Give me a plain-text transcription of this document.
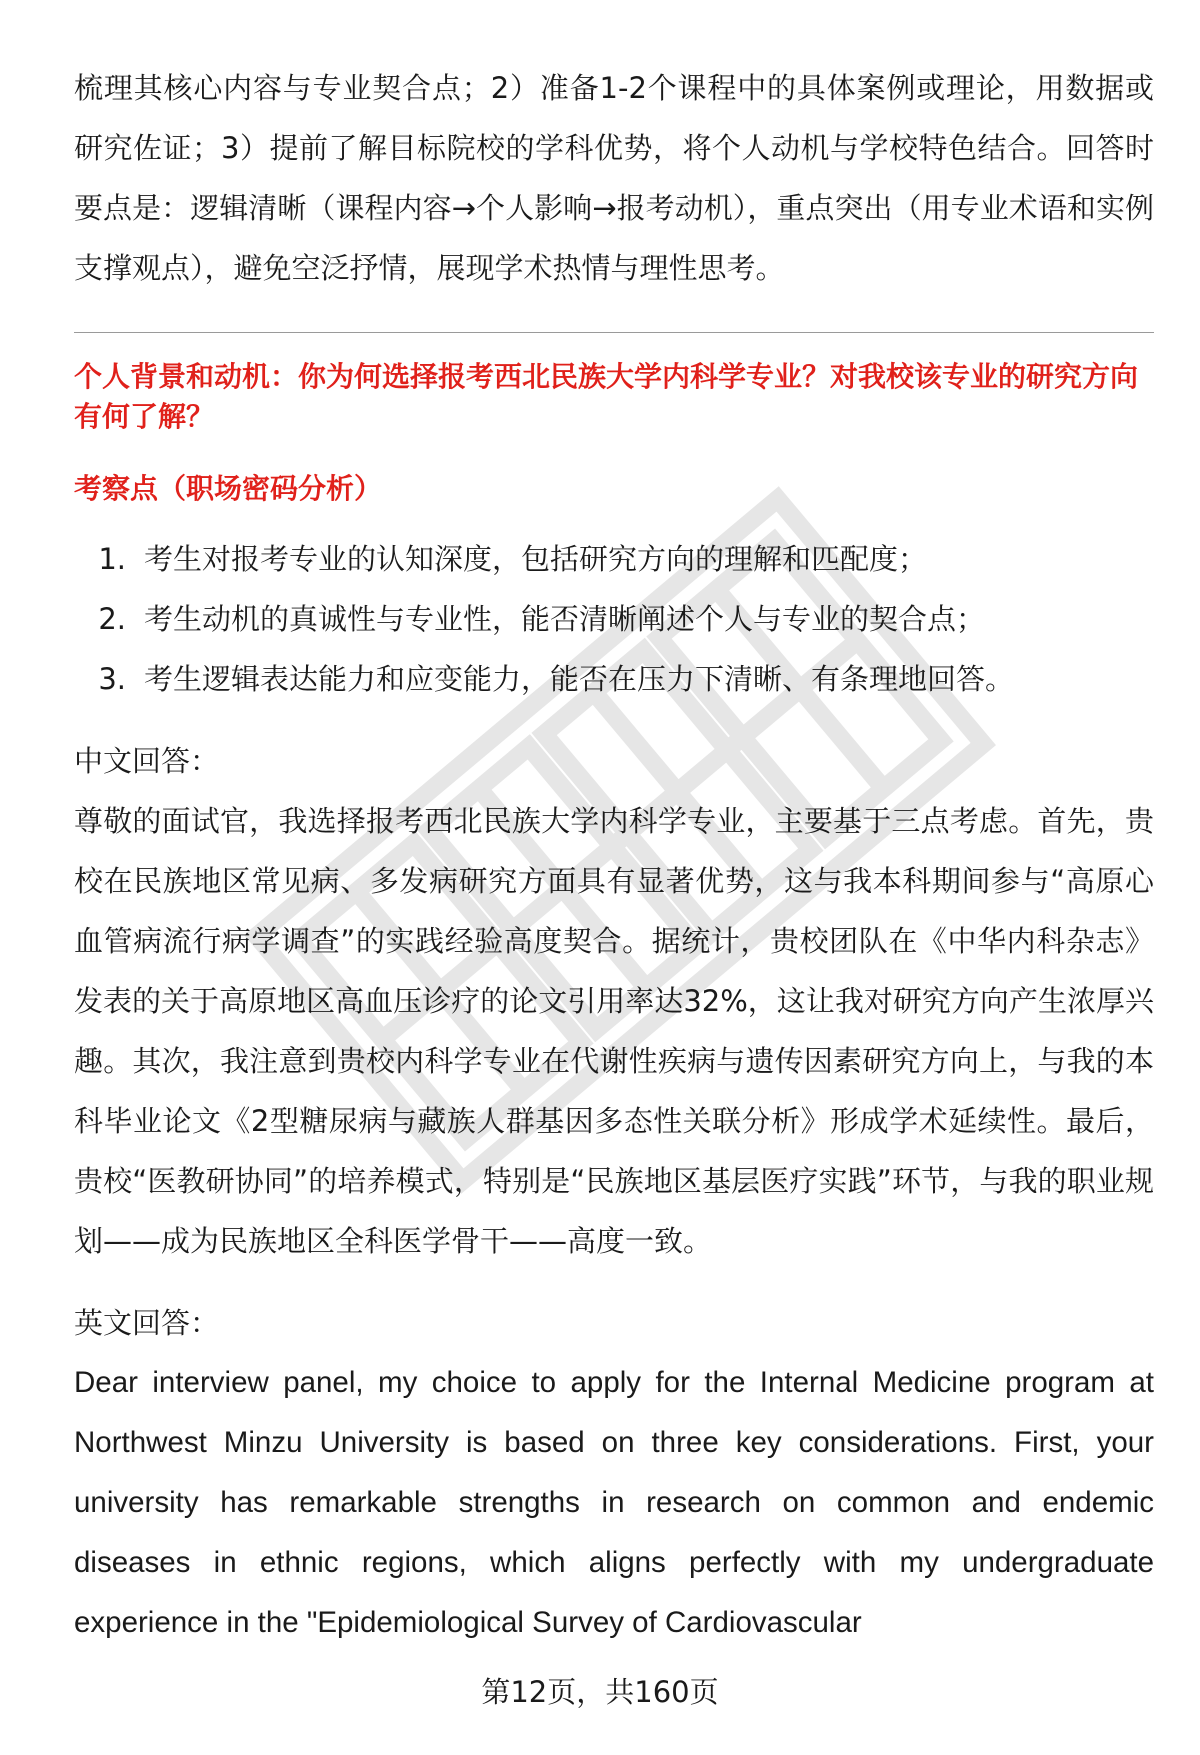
梳理其核心内容与专业契合点；2）准备1-2个课程中的具体案例或理论，用数据或研究佐证；3）提前了解目标院校的学科优势，将个人动机与学校特色结合。回答时要点是：逻辑清晰（课程内容→个人影响→报考动机），重点突出（用专业术语和实例支撑观点），避免空泛抒情，展现学术热情与理性思考。

个人背景和动机：你为何选择报考西北民族大学内科学专业？对我校该专业的研究方向有何了解？

考察点（职场密码分析）

1. 考生对报考专业的认知深度，包括研究方向的理解和匹配度；
2. 考生动机的真诚性与专业性，能否清晰阐述个人与专业的契合点；
3. 考生逻辑表达能力和应变能力，能否在压力下清晰、有条理地回答。

中文回答：

尊敬的面试官，我选择报考西北民族大学内科学专业，主要基于三点考虑。首先，贵校在民族地区常见病、多发病研究方面具有显著优势，这与我本科期间参与“高原心血管病流行病学调查”的实践经验高度契合。据统计，贵校团队在《中华内科杂志》发表的关于高原地区高血压诊疗的论文引用率达32%，这让我对研究方向产生浓厚兴趣。其次，我注意到贵校内科学专业在代谢性疾病与遗传因素研究方向上，与我的本科毕业论文《2型糖尿病与藏族人群基因多态性关联分析》形成学术延续性。最后，贵校“医教研协同”的培养模式，特别是“民族地区基层医疗实践”环节，与我的职业规划——成为民族地区全科医学骨干——高度一致。

英文回答：

Dear interview panel, my choice to apply for the Internal Medicine program at Northwest Minzu University is based on three key considerations. First, your university has remarkable strengths in research on common and endemic diseases in ethnic regions, which aligns perfectly with my undergraduate experience in the "Epidemiological Survey of Cardiovascular

第12页，共160页
